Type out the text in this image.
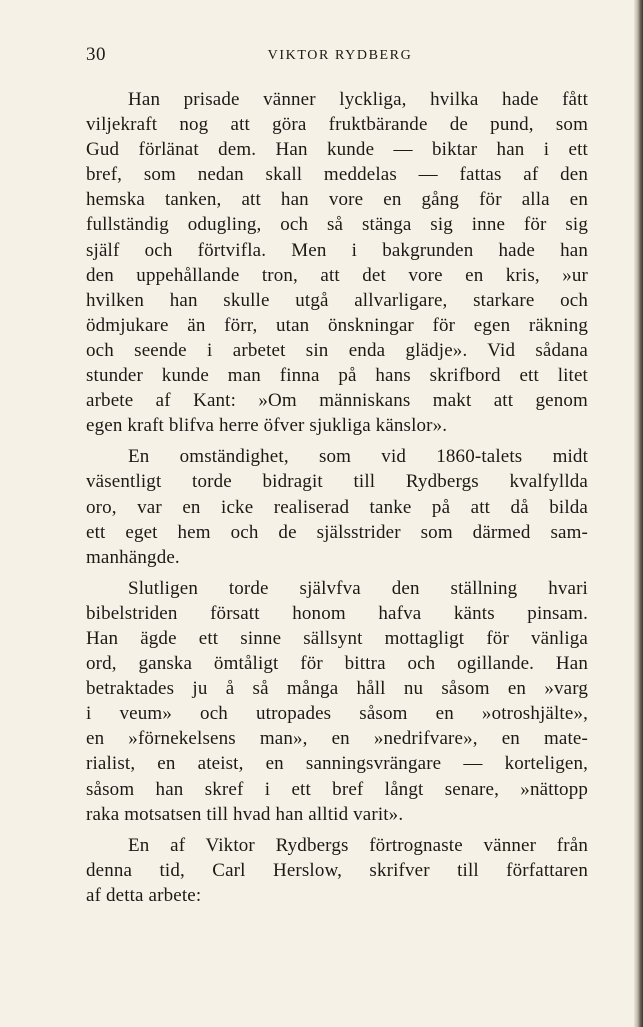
30	VIKTOR RYDBERG
Han prisade vänner lyckliga, hvilka hade fått
viljekraft nog att göra fruktbärande de pund, som
Gud förlänat dem. Han kunde — biktar han i ett
bref, som nedan skall meddelas — fattas af den
hemska tanken, att han vore en gång för alla en
fullständig odugling, och så stänga sig inne för sig
själf och förtvifla. Men i bakgrunden hade han
den uppehållande tron, att det vore en kris, »ur
hvilken han skulle utgå allvarligare, starkare och
ödmjukare än förr, utan önskningar för egen räkning
och seende i arbetet sin enda glädje». Vid sådana
stunder kunde man finna på hans skrifbord ett litet
arbete af Kant: »Om människans makt att genom
egen kraft blifva herre öfver sjukliga känslor».
En omständighet, som vid 1860-talets midt
väsentligt torde bidragit till Rydbergs kvalfyllda
oro, var en icke realiserad tanke på att då bilda
ett eget hem och de själsstrider som därmed sam-
manhängde.
Slutligen torde självfva den ställning hvari
bibelstriden försatt honom hafva känts pinsam.
Han ägde ett sinne sällsynt mottagligt för vänliga
ord, ganska ömtåligt för bittra och ogillande. Han
betraktades ju å så många håll nu såsom en »varg
i veum» och utropades såsom en »otroshjälte»,
en »förnekelsens man», en »nedrifvare», en mate-
rialist, en ateist, en sanningsvrängare — korteligen,
såsom han skref i ett bref långt senare, »nättopp
raka motsatsen till hvad han alltid varit».
En af Viktor Rydbergs förtrognaste vänner från
denna tid, Carl Herslow, skrifver till författaren
af detta arbete:
